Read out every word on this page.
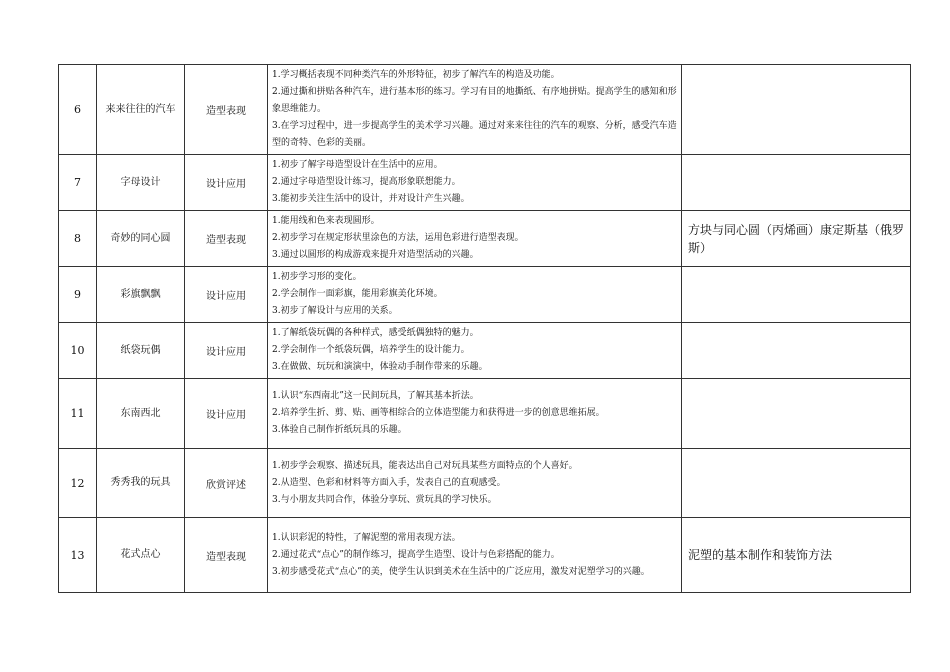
6	来来往往的汽车	造型表现	1.学习概括表现不同种类汽车的外形特征，初步了解汽车的构造及功能。
2.通过撕和拼贴各种汽车，进行基本形的练习。学习有目的地撕纸、有序地拼贴。提高学生的感知和形象思维能力。
3.在学习过程中，进一步提高学生的美术学习兴趣。通过对来来往往的汽车的观察、分析，感受汽车造型的奇特、色彩的美丽。	

7	字母设计	设计应用	1.初步了解字母造型设计在生活中的应用。
2.通过字母造型设计练习，提高形象联想能力。
3.能初步关注生活中的设计，并对设计产生兴趣。	

8	奇妙的同心圆	造型表现	1.能用线和色来表现圆形。
2.初步学习在规定形状里涂色的方法，运用色彩进行造型表现。
3.通过以圆形的构成游戏来提升对造型活动的兴趣。	方块与同心圆（丙烯画）康定斯基（俄罗斯）
9	彩旗飘飘	设计应用	1.初步学习形的变化。
2.学会制作一面彩旗，能用彩旗美化环境。
3.初步了解设计与应用的关系。	

10	纸袋玩偶	设计应用	1.了解纸袋玩偶的各种样式，感受纸偶独特的魅力。
2.学会制作一个纸袋玩偶，培养学生的设计能力。
3.在做做、玩玩和演演中，体验动手制作带来的乐趣。	

11	东南西北	设计应用	1.认识“东西南北”这一民间玩具，了解其基本折法。
2.培养学生折、剪、贴、画等相综合的立体造型能力和获得进一步的创意思维拓展。
3.体验自己制作折纸玩具的乐趣。	

12	秀秀我的玩具	欣赏评述	1.初步学会观察、描述玩具，能表达出自己对玩具某些方面特点的个人喜好。
2.从造型、色彩和材料等方面入手，发表自己的直观感受。
3.与小朋友共同合作，体验分享玩、赏玩具的学习快乐。	

13	花式点心	造型表现	1.认识彩泥的特性，了解泥塑的常用表现方法。
2.通过花式“点心”的制作练习，提高学生造型、设计与色彩搭配的能力。
3.初步感受花式“点心”的美，使学生认识到美术在生活中的广泛应用，激发对泥塑学习的兴趣。	泥塑的基本制作和装饰方法
